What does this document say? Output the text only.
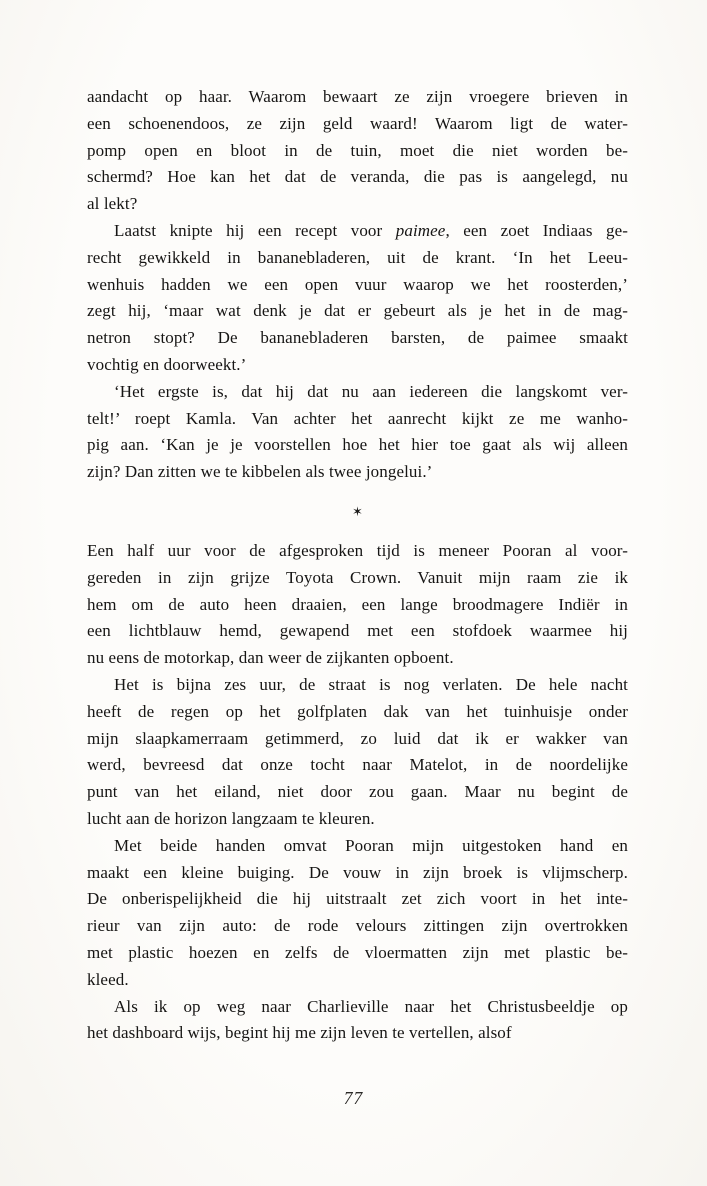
aandacht op haar. Waarom bewaart ze zijn vroegere brieven in
een schoenendoos, ze zijn geld waard! Waarom ligt de water-
pomp open en bloot in de tuin, moet die niet worden be-
schermd? Hoe kan het dat de veranda, die pas is aangelegd, nu
al lekt?
Laatst knipte hij een recept voor paimee, een zoet Indiaas ge-
recht gewikkeld in bananebladeren, uit de krant. ‘In het Leeu-
wenhuis hadden we een open vuur waarop we het roosterden,’
zegt hij, ‘maar wat denk je dat er gebeurt als je het in de mag-
netron stopt? De bananebladeren barsten, de paimee smaakt
vochtig en doorweekt.’
‘Het ergste is, dat hij dat nu aan iedereen die langskomt ver-
telt!’ roept Kamla. Van achter het aanrecht kijkt ze me wanho-
pig aan. ‘Kan je je voorstellen hoe het hier toe gaat als wij alleen
zijn? Dan zitten we te kibbelen als twee jongelui.’
✶
Een half uur voor de afgesproken tijd is meneer Pooran al voor-
gereden in zijn grijze Toyota Crown. Vanuit mijn raam zie ik
hem om de auto heen draaien, een lange broodmagere Indiër in
een lichtblauw hemd, gewapend met een stofdoek waarmee hij
nu eens de motorkap, dan weer de zijkanten opboent.
Het is bijna zes uur, de straat is nog verlaten. De hele nacht
heeft de regen op het golfplaten dak van het tuinhuisje onder
mijn slaapkamerraam getimmerd, zo luid dat ik er wakker van
werd, bevreesd dat onze tocht naar Matelot, in de noordelijke
punt van het eiland, niet door zou gaan. Maar nu begint de
lucht aan de horizon langzaam te kleuren.
Met beide handen omvat Pooran mijn uitgestoken hand en
maakt een kleine buiging. De vouw in zijn broek is vlijmscherp.
De onberispelijkheid die hij uitstraalt zet zich voort in het inte-
rieur van zijn auto: de rode velours zittingen zijn overtrokken
met plastic hoezen en zelfs de vloermatten zijn met plastic be-
kleed.
Als ik op weg naar Charlieville naar het Christusbeeldje op
het dashboard wijs, begint hij me zijn leven te vertellen, alsof
77
